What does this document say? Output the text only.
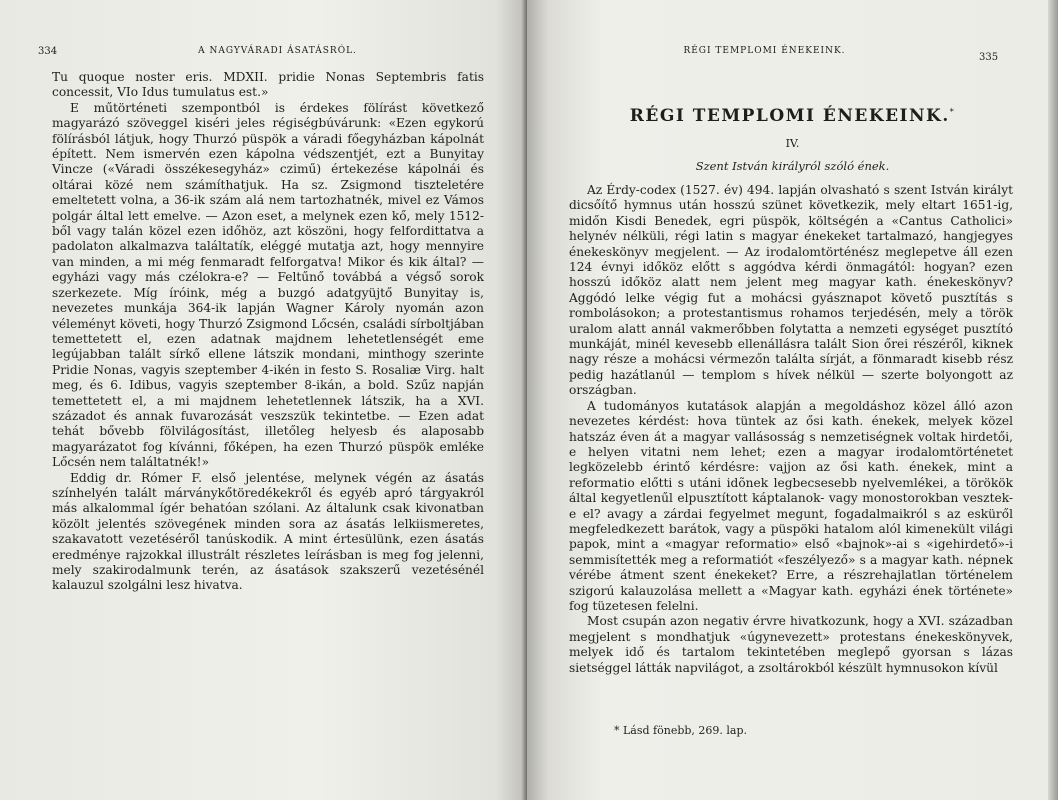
334	A NAGYVÁRADI ÁSATÁSRÓL.

Tu quoque noster eris. MDXII. pridie Nonas Septembris fatis concessit, VIo Idus tumulatus est.»

E műtörténeti szempontból is érdekes fölírást következő magyarázó szöveggel kiséri jeles régiségbúvárunk: «Ezen egykorú fölírásból látjuk, hogy Thurzó püspök a váradi főegyházban kápolnát épített. Nem ismervén ezen kápolna védszentjét, ezt a Bunyitay Vincze («Váradi összékesegyház» czimű) értekezése kápolnái és oltárai közé nem számíthatjuk. Ha sz. Zsigmond tiszteletére emeltetett volna, a 36-ik szám alá nem tartozhatnék, mivel ez Vámos polgár által lett emelve. — Azon eset, a melynek ezen kő, mely 1512-ből vagy talán közel ezen időhöz, azt köszöni, hogy felfordittatva a padolaton alkalmazva találtatík, eléggé mutatja azt, hogy mennyire van minden, a mi még fenmaradt felforgatva! Mikor és kik által? — egyházi vagy más czélokra-e? — Feltűnő továbbá a végső sorok szerkezete. Míg íróink, még a buzgó adatgyüjtő Bunyitay is, nevezetes munkája 364-ik lapján Wagner Károly nyomán azon véleményt követi, hogy Thurzó Zsigmond Lőcsén, családi sírboltjában temettetett el, ezen adatnak majdnem lehetetlenségét eme legújabban talált sírkő ellene látszik mondani, minthogy szerinte Pridie Nonas, vagyis szeptember 4-ikén in festo S. Rosaliæ Virg. halt meg, és 6. Idibus, vagyis szeptember 8-ikán, a bold. Szűz napján temettetett el, a mi majdnem lehetetlennek látszik, ha a XVI. századot és annak fuvarozását veszszük tekintetbe. — Ezen adat tehát bővebb fölvilágosítást, illetőleg helyesb és alaposabb magyarázatot fog kívánni, főképen, ha ezen Thurzó püspök emléke Lőcsén nem találtatnék!»

Eddig dr. Rómer F. első jelentése, melynek végén az ásatás színhelyén talált márványkőtöredékekről és egyéb apró tárgyakról más alkalommal ígér behatóan szólani. Az általunk csak kivonatban közölt jelentés szövegének minden sora az ásatás lelkiismeretes, szakavatott vezetéséről tanúskodik. A mint értesülünk, ezen ásatás eredménye rajzokkal illustrált részletes leírásban is meg fog jelenni, mely szakirodalmunk terén, az ásatások szakszerű vezetésénél kalauzul szolgálni lesz hivatva.

RÉGI TEMPLOMI ÉNEKEINK.
335
RÉGI TEMPLOMI ÉNEKEINK.*
IV.
Szent István királyról szóló ének.

Az Érdy-codex (1527. év) 494. lapján olvasható s szent István királyt dicsőítő hymnus után hosszú szünet következik, mely eltart 1651-ig, midőn Kisdi Benedek, egri püspök, költségén a «Cantus Catholici» helynév nélküli, régi latin s magyar énekeket tartalmazó, hangjegyes énekeskönyv megjelent. — Az irodalomtörténész meglepetve áll ezen 124 évnyi időköz előtt s aggódva kérdi önmagától: hogyan? ezen hosszú időköz alatt nem jelent meg magyar kath. énekeskönyv? Aggódó lelke végig fut a mohácsi gyásznapot követő pusztítás s rombolásokon; a protestantismus rohamos terjedésén, mely a török uralom alatt annál vakmerőbben folytatta a nemzeti egységet pusztító munkáját, minél kevesebb ellenállásra talált Sion őrei részéről, kiknek nagy része a mohácsi vérmezőn találta sírját, a fönmaradt kisebb rész pedig hazátlanúl — templom s hívek nélkül — szerte bolyongott az országban.

A tudományos kutatások alapján a megoldáshoz közel álló azon nevezetes kérdést: hova tüntek az ősi kath. énekek, melyek közel hatszáz éven át a magyar vallásosság s nemzetiségnek voltak hirdetői, e helyen vitatni nem lehet; ezen a magyar irodalomtörténetet legközelebb érintő kérdésre: vajjon az ősi kath. énekek, mint a reformatio előtti s utáni idõnek legbecsesebb nyelvemlékei, a törökök által kegyetlenűl elpusztított káptalanok- vagy monostorokban vesztek-e el? avagy a zárdai fegyelmet megunt, fogadalmaikról s az esküről megfeledkezett barátok, vagy a püspöki hatalom alól kimenekült világi papok, mint a «magyar reformatio» első «bajnok»-ai s «igehirdető»-i semmisítették meg a reformatiót «feszélyező» s a magyar kath. népnek vérébe átment szent énekeket? Erre, a részrehajlatlan történelem szigorú kalauzolása mellett a «Magyar kath. egyházi ének története» fog tüzetesen felelni.

Most csupán azon negativ érvre hivatkozunk, hogy a XVI. században megjelent s mondhatjuk «úgynevezett» protestans énekeskönyvek, melyek idő és tartalom tekintetében meglepő gyorsan s lázas sietséggel látták napvilágot, a zsoltárokból készült hymnusokon kívül

* Lásd fönebb, 269. lap.
